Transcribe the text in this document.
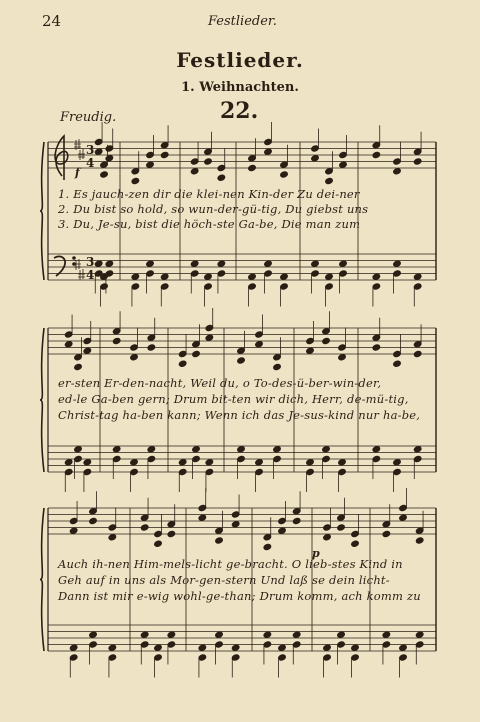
24	Festlieder.
Festlieder.
1. Weihnachten.
22.
Freudig.
3
4
3
4
f
p
1. Es jauch-zen dir die klei-nen Kin-der Zu dei-ner
2. Du bist so hold, so wun-der-gü-tig, Du giebst uns
3. Du, Je-su, bist die höch-ste Ga-be, Die man zum
er-sten Er-den-nacht, Weil du, o To-des-ü-ber-win-der,
ed-le Ga-ben gern; Drum bit-ten wir dich, Herr, de-mü-tig,
Christ-tag ha-ben kann; Wenn ich das Je-sus-kind nur ha-be,
Auch ih-nen Him-mels-licht ge-bracht. O lieb-stes Kind in
Geh auf in uns als Mor-gen-stern Und laß se dein licht-
Dann ist mir e-wig wohl-ge-than; Drum komm, ach komm zu
